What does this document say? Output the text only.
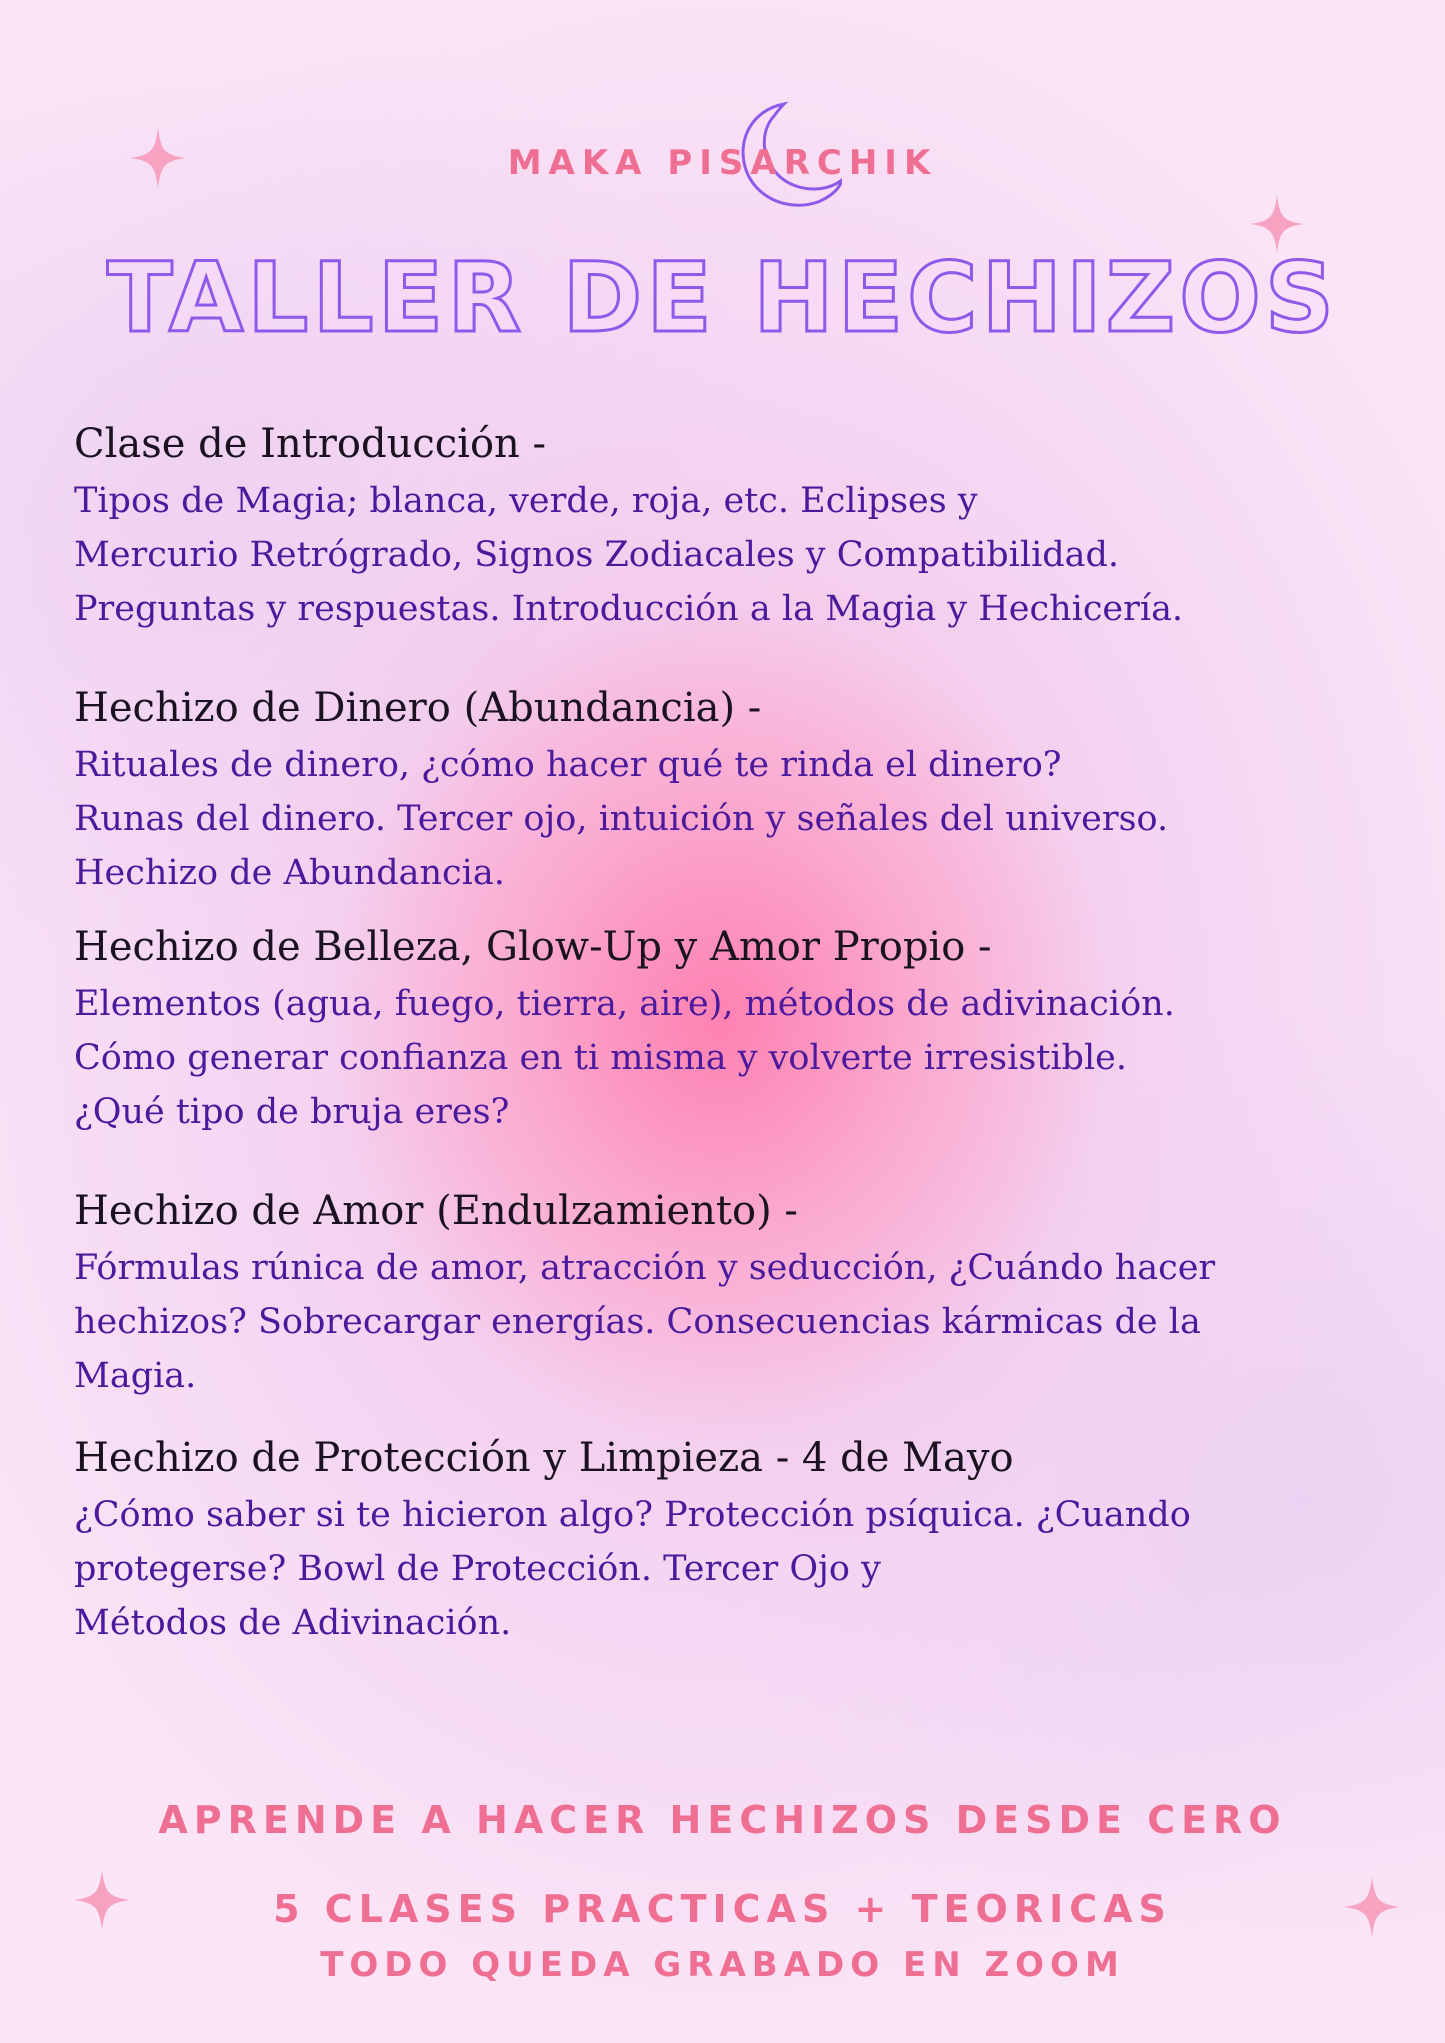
MAKA PISARCHIK
TALLER DE HECHIZOS
Clase de Introducción -
Tipos de Magia; blanca, verde, roja, etc. Eclipses y
Mercurio Retrógrado, Signos Zodiacales y Compatibilidad.
Preguntas y respuestas. Introducción a la Magia y Hechicería.
Hechizo de Dinero (Abundancia) -
Rituales de dinero, ¿cómo hacer qué te rinda el dinero?
Runas del dinero. Tercer ojo, intuición y señales del universo.
Hechizo de Abundancia.
Hechizo de Belleza, Glow-Up y Amor Propio -
Elementos (agua, fuego, tierra, aire), métodos de adivinación.
Cómo generar confianza en ti misma y volverte irresistible.
¿Qué tipo de bruja eres?
Hechizo de Amor (Endulzamiento) -
Fórmulas rúnica de amor, atracción y seducción, ¿Cuándo hacer
hechizos? Sobrecargar energías. Consecuencias kármicas de la
Magia.
Hechizo de Protección y Limpieza - 4 de Mayo
¿Cómo saber si te hicieron algo? Protección psíquica. ¿Cuando
protegerse? Bowl de Protección. Tercer Ojo y
Métodos de Adivinación.
APRENDE A HACER HECHIZOS DESDE CERO
5 CLASES PRACTICAS + TEORICAS
TODO QUEDA GRABADO EN ZOOM
